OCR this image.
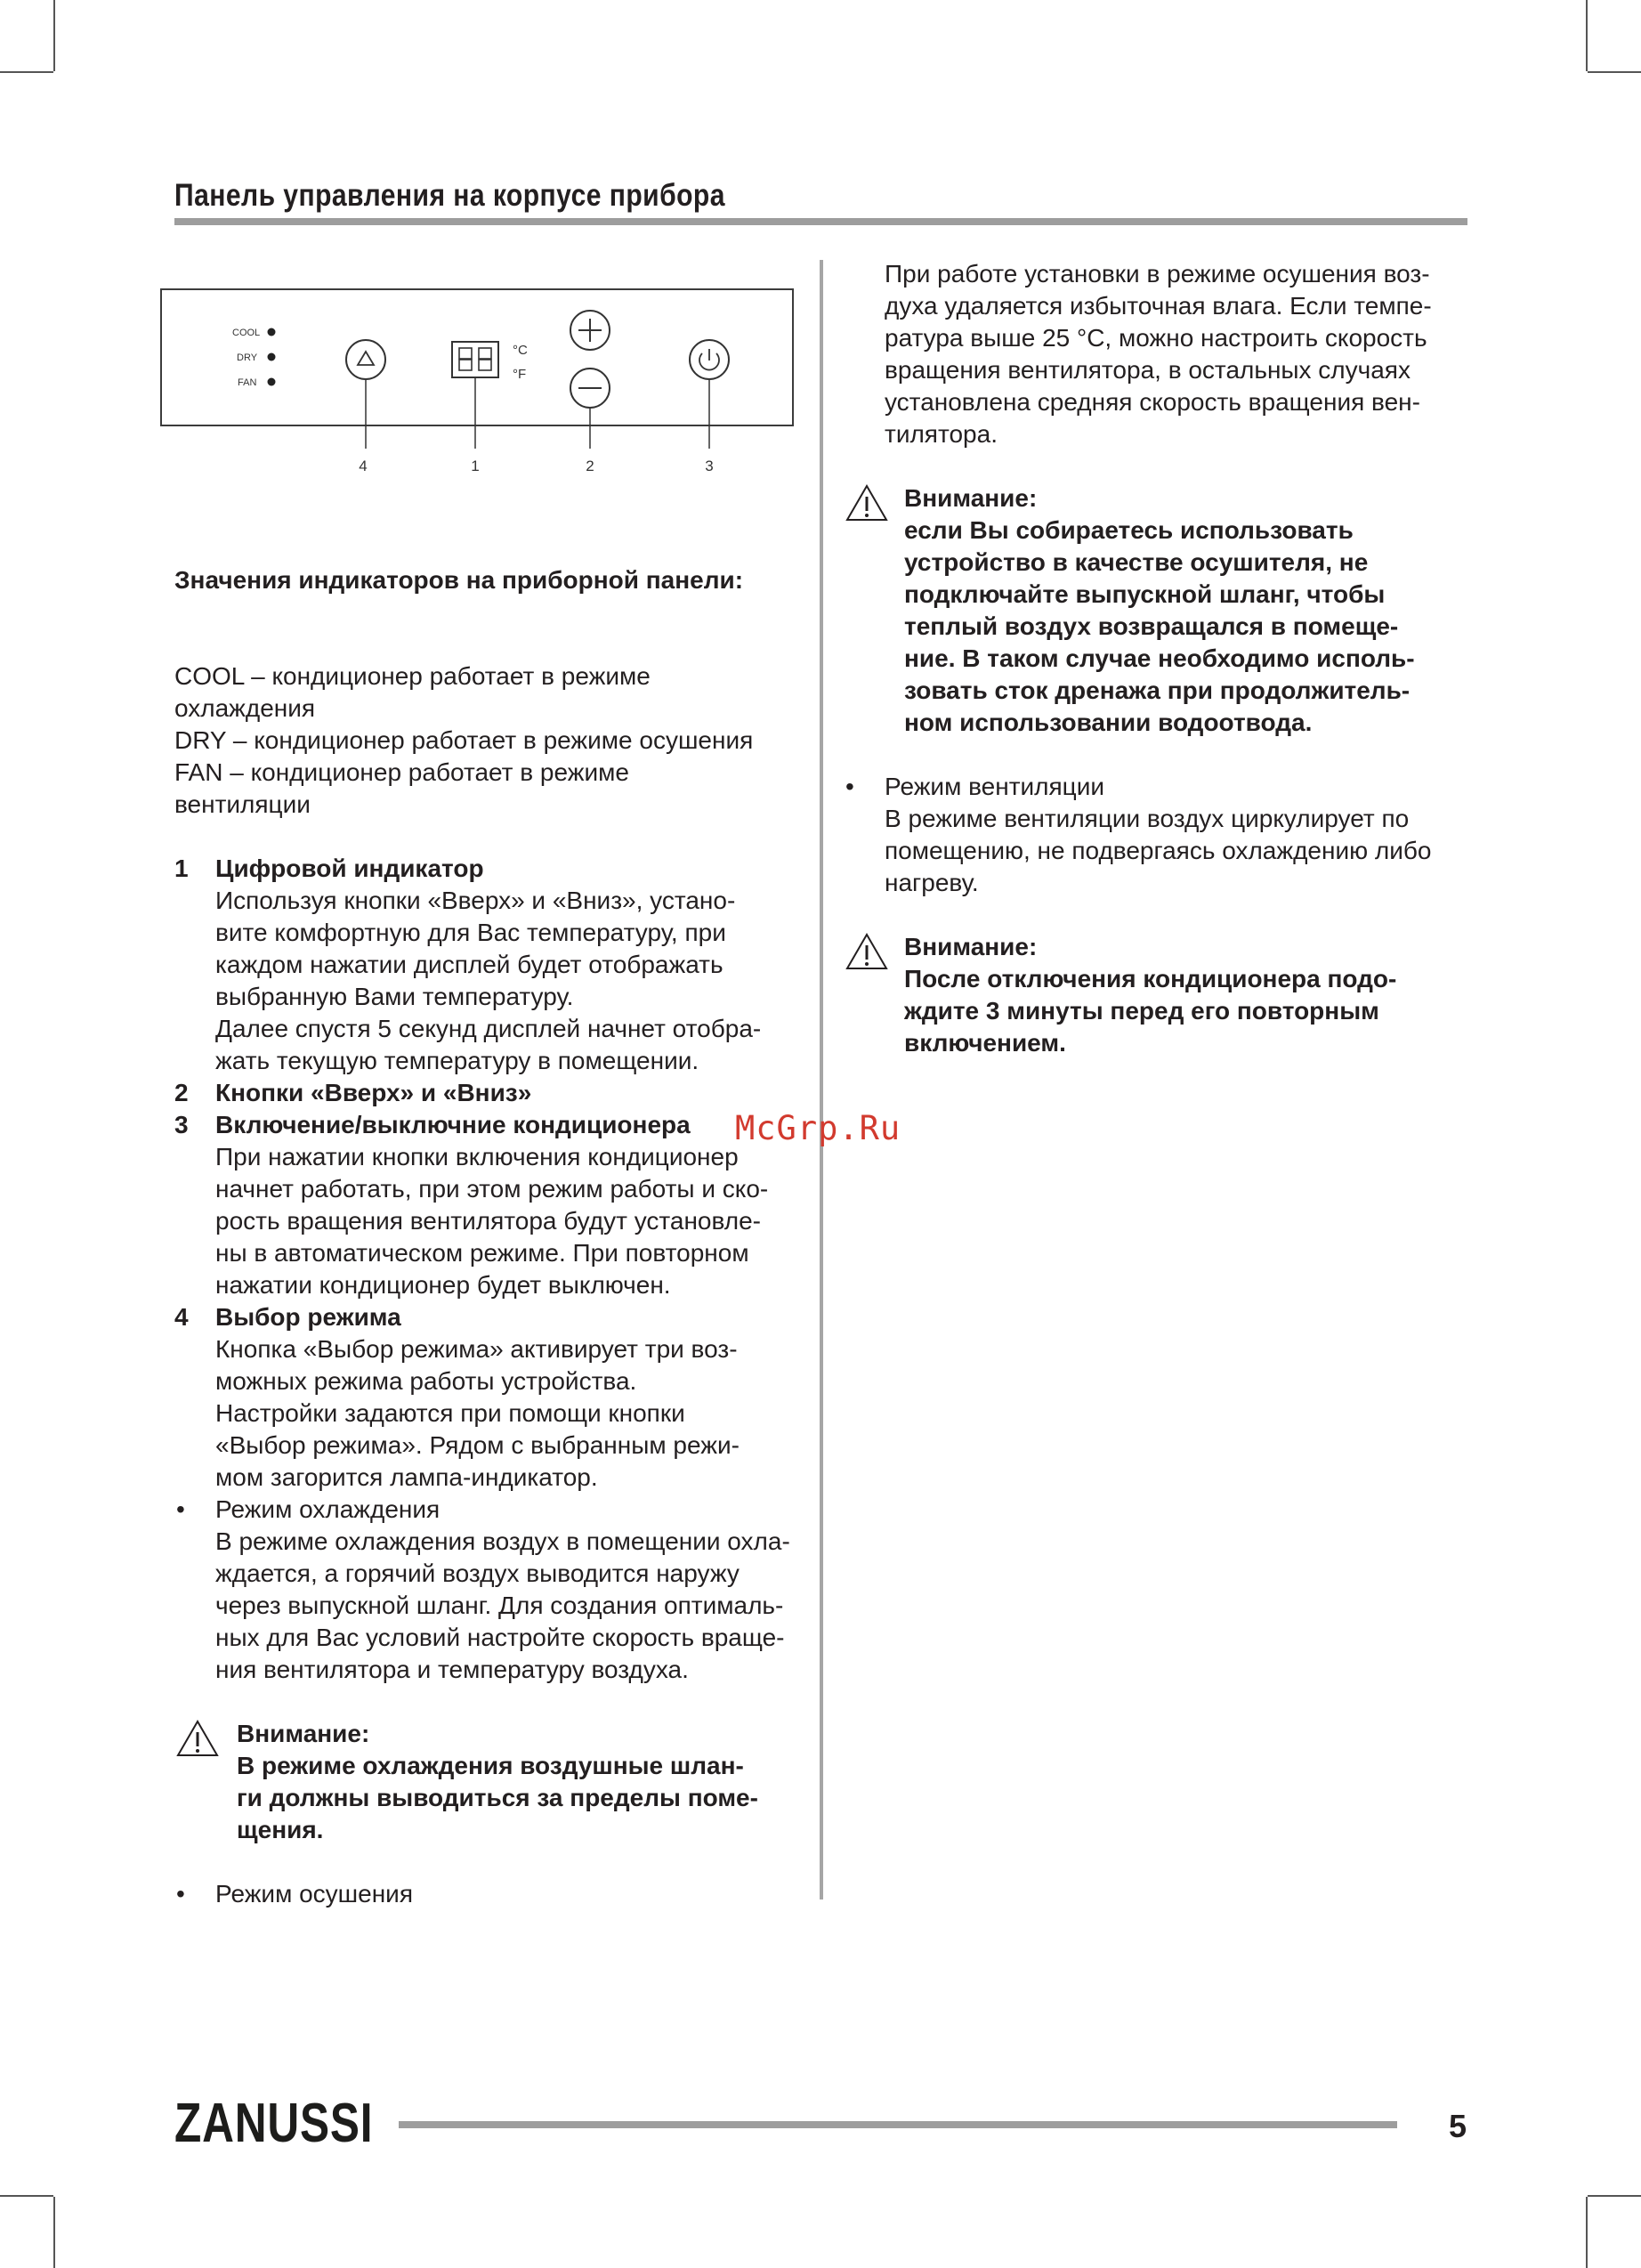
Панель управления на корпусе прибора
COOL
DRY
FAN
°C
°F
4	1	2	3

Значения индикаторов на приборной панели:

COOL – кондиционер работает в режиме

охлаждения

DRY – кондиционер работает в режиме осушения

FAN – кондиционер работает в режиме

вентиляции

1 Цифровой индикатор

Используя кнопки «Вверх» и «Вниз», устано-

вите комфортную для Вас температуру, при

каждом нажатии дисплей будет отображать

выбранную Вами температуру.

Далее спустя 5 секунд дисплей начнет отобра-

жать текущую температуру в помещении.

2 Кнопки «Вверх» и «Вниз»

3 Включение/выключние кондиционера

При нажатии кнопки включения кондиционер

начнет работать, при этом режим работы и ско-

рость вращения вентилятора будут установле-

ны в автоматическом режиме. При повторном

нажатии кондиционер будет выключен.

4 Выбор режима

Кнопка «Выбор режима» активирует три воз-

можных режима работы устройства.

Настройки задаются при помощи кнопки

«Выбор режима». Рядом с выбранным режи-

мом загорится лампа-индикатор.

• Режим охлаждения

В режиме охлаждения воздух в помещении охла-

ждается, а горячий воздух выводится наружу

через выпускной шланг. Для создания оптималь-

ных для Вас условий настройте скорость враще-

ния вентилятора и температуру воздуха.

Внимание:

В режиме охлаждения воздушные шлан-

ги должны выводиться за пределы поме-

щения.

• Режим осушения

При работе установки в режиме осушения воз-

духа удаляется избыточная влага. Если темпе-

ратура выше 25 °C, можно настроить скорость

вращения вентилятора, в остальных случаях

установлена средняя скорость вращения вен-

тилятора.

Внимание:

если Вы собираетесь использовать

устройство в качестве осушителя, не

подключайте выпускной шланг, чтобы

теплый воздух возвращался в помеще-

ние. В таком случае необходимо исполь-

зовать сток дренажа при продолжитель-

ном использовании водоотвода.

• Режим вентиляции

В режиме вентиляции воздух циркулирует по

помещению, не подвергаясь охлаждению либо

нагреву.

Внимание:

После отключения кондиционера подо-

ждите 3 минуты перед его повторным

включением.

McGrp.Ru
ZANUSSI	5
